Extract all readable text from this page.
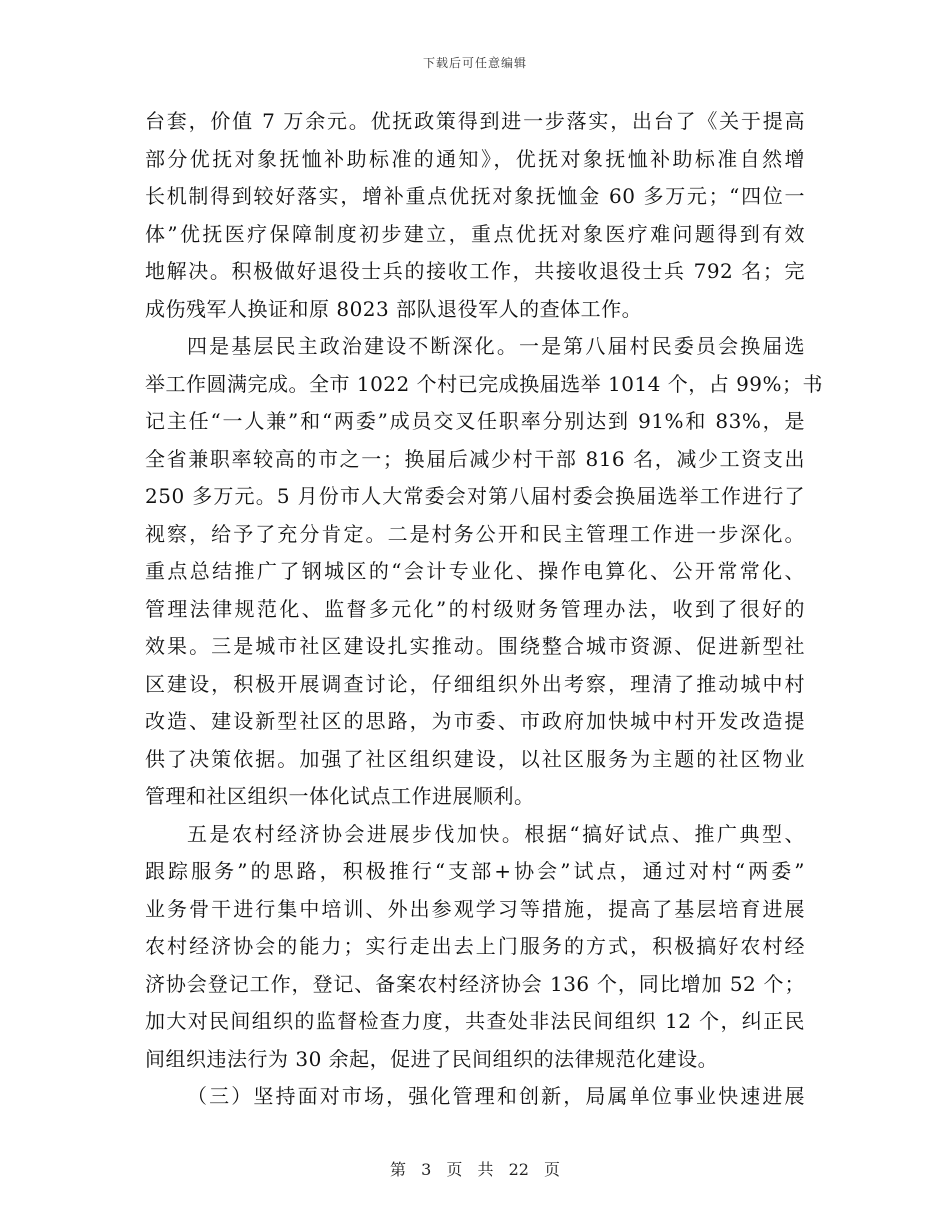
下载后可任意编辑
台套，价值 7 万余元。优抚政策得到进一步落实，出台了《关于提高
部分优抚对象抚恤补助标准的通知》，优抚对象抚恤补助标准自然增
长机制得到较好落实，增补重点优抚对象抚恤金 60 多万元；“四位一
体”优抚医疗保障制度初步建立，重点优抚对象医疗难问题得到有效
地解决。积极做好退役士兵的接收工作，共接收退役士兵 792 名；完
成伤残军人换证和原 8023 部队退役军人的查体工作。
四是基层民主政治建设不断深化。一是第八届村民委员会换届选
举工作圆满完成。全市 1022 个村已完成换届选举 1014 个，占 99%；书
记主任“一人兼”和“两委”成员交叉任职率分别达到 91%和 83%，是
全省兼职率较高的市之一；换届后减少村干部 816 名，减少工资支出
250 多万元。5 月份市人大常委会对第八届村委会换届选举工作进行了
视察，给予了充分肯定。二是村务公开和民主管理工作进一步深化。
重点总结推广了钢城区的“会计专业化、操作电算化、公开常常化、
管理法律规范化、监督多元化”的村级财务管理办法，收到了很好的
效果。三是城市社区建设扎实推动。围绕整合城市资源、促进新型社
区建设，积极开展调查讨论，仔细组织外出考察，理清了推动城中村
改造、建设新型社区的思路，为市委、市政府加快城中村开发改造提
供了决策依据。加强了社区组织建设，以社区服务为主题的社区物业
管理和社区组织一体化试点工作进展顺利。
五是农村经济协会进展步伐加快。根据“搞好试点、推广典型、
跟踪服务”的思路，积极推行“支部+协会”试点，通过对村“两委”
业务骨干进行集中培训、外出参观学习等措施，提高了基层培育进展
农村经济协会的能力；实行走出去上门服务的方式，积极搞好农村经
济协会登记工作，登记、备案农村经济协会 136 个，同比增加 52 个；
加大对民间组织的监督检查力度，共查处非法民间组织 12 个，纠正民
间组织违法行为 30 余起，促进了民间组织的法律规范化建设。
（三）坚持面对市场，强化管理和创新，局属单位事业快速进展
第 3 页 共 22 页
